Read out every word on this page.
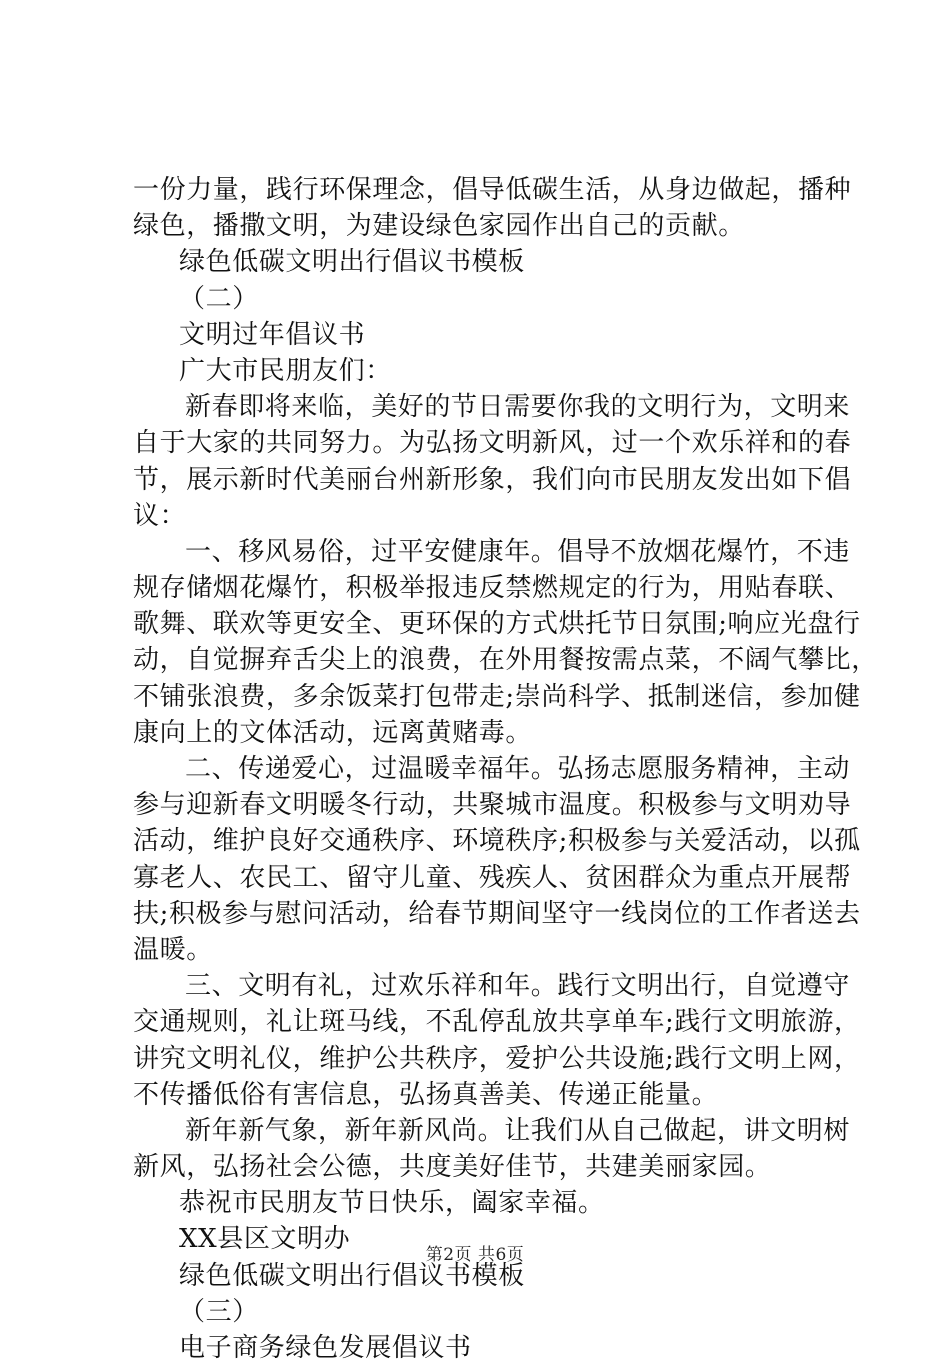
一份力量，践行环保理念，倡导低碳生活，从身边做起，播种
绿色，播撒文明，为建设绿色家园作出自己的贡献。
绿色低碳文明出行倡议书模板
（二）
文明过年倡议书
广大市民朋友们：
新春即将来临，美好的节日需要你我的文明行为，文明来
自于大家的共同努力。为弘扬文明新风，过一个欢乐祥和的春
节，展示新时代美丽台州新形象，我们向市民朋友发出如下倡
议：
一、移风易俗，过平安健康年。倡导不放烟花爆竹，不违
规存储烟花爆竹，积极举报违反禁燃规定的行为，用贴春联、
歌舞、联欢等更安全、更环保的方式烘托节日氛围;响应光盘行
动，自觉摒弃舌尖上的浪费，在外用餐按需点菜，不阔气攀比，
不铺张浪费，多余饭菜打包带走;崇尚科学、抵制迷信，参加健
康向上的文体活动，远离黄赌毒。
二、传递爱心，过温暖幸福年。弘扬志愿服务精神，主动
参与迎新春文明暖冬行动，共聚城市温度。积极参与文明劝导
活动，维护良好交通秩序、环境秩序;积极参与关爱活动，以孤
寡老人、农民工、留守儿童、残疾人、贫困群众为重点开展帮
扶;积极参与慰问活动，给春节期间坚守一线岗位的工作者送去
温暖。
三、文明有礼，过欢乐祥和年。践行文明出行，自觉遵守
交通规则，礼让斑马线，不乱停乱放共享单车;践行文明旅游，
讲究文明礼仪，维护公共秩序，爱护公共设施;践行文明上网，
不传播低俗有害信息，弘扬真善美、传递正能量。
新年新气象，新年新风尚。让我们从自己做起，讲文明树
新风，弘扬社会公德，共度美好佳节，共建美丽家园。
恭祝市民朋友节日快乐，阖家幸福。
XX县区文明办
绿色低碳文明出行倡议书模板
（三）
电子商务绿色发展倡议书
第2页 共6页
